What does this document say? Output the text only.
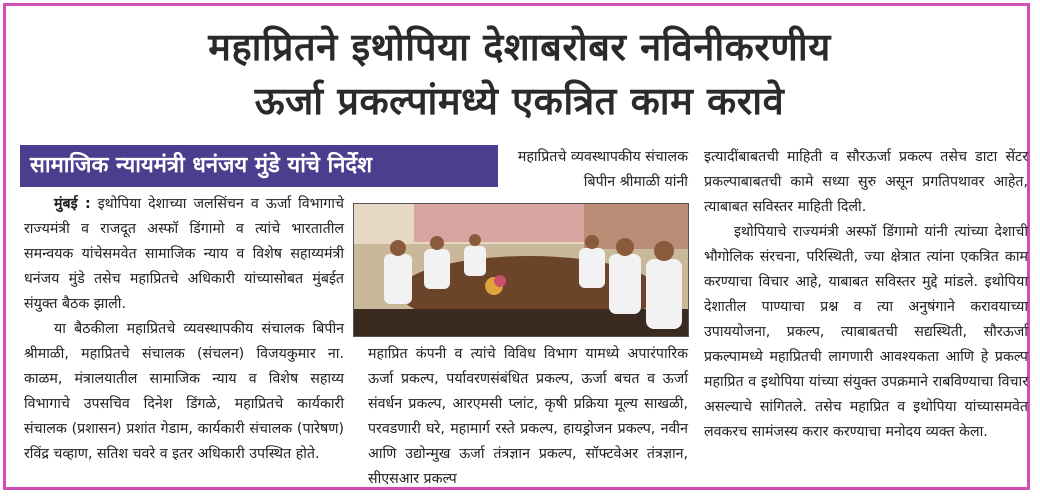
महाप्रितने इथोपिया देशाबरोबर नविनीकरणीय
ऊर्जा प्रकल्पांमध्ये एकत्रित काम करावे
सामाजिक न्यायमंत्री धनंजय मुंडे यांचे निर्देश

मुंबई : इथोपिया देशाच्या जलसिंचन व ऊर्जा विभागाचे राज्यमंत्री व राजदूत अस्फॉ डिंगामो व त्यांचे भारतातील समन्वयक यांचेसमवेत सामाजिक न्याय व विशेष सहाय्यमंत्री धनंजय मुंडे तसेच महाप्रितचे अधिकारी यांच्यासोबत मुंबईत संयुक्त बैठक झाली.

या बैठकीला महाप्रितचे व्यवस्थापकीय संचालक बिपीन श्रीमाळी, महाप्रितचे संचालक (संचलन) विजयकुमार ना. काळम, मंत्रालयातील सामाजिक न्याय व विशेष सहाय्य विभागाचे उपसचिव दिनेश डिंगळे, महाप्रितचे कार्यकारी संचालक (प्रशासन) प्रशांत गेडाम, कार्यकारी संचालक (पारेषण) रविंद्र चव्हाण, सतिश चवरे व इतर अधिकारी उपस्थित होते.

महाप्रितचे व्यवस्थापकीय संचालक बिपीन श्रीमाळी यांनी

महाप्रित कंपनी व त्यांचे विविध विभाग यामध्ये अपारंपारिक ऊर्जा प्रकल्प, पर्यावरणसंबंधित प्रकल्प, ऊर्जा बचत व ऊर्जा संवर्धन प्रकल्प, आरएमसी प्लांट, कृषी प्रक्रिया मूल्य साखळी, परवडणारी घरे, महामार्ग रस्ते प्रकल्प, हायड्रोजन प्रकल्प, नवीन आणि उद्योन्मुख ऊर्जा तंत्रज्ञान प्रकल्प, सॉफ्टवेअर तंत्रज्ञान, सीएसआर प्रकल्प

इत्यादींबाबतची माहिती व सौरऊर्जा प्रकल्प तसेच डाटा सेंटर प्रकल्पाबाबतची कामे सध्या सुरु असून प्रगतिपथावर आहेत, त्याबाबत सविस्तर माहिती दिली.

इथोपियाचे राज्यमंत्री अस्फॉ डिंगामो यांनी त्यांच्या देशाची भौगोलिक संरचना, परिस्थिती, ज्या क्षेत्रात त्यांना एकत्रित काम करण्याचा विचार आहे, याबाबत सविस्तर मुद्दे मांडले. इथोपिया देशातील पाण्याचा प्रश्न व त्या अनुषंगाने करावयाच्या उपाययोजना, प्रकल्प, त्याबाबतची सद्यस्थिती, सौरऊर्जा प्रकल्पामध्ये महाप्रितची लागणारी आवश्यकता आणि हे प्रकल्प महाप्रित व इथोपिया यांच्या संयुक्त उपक्रमाने राबविण्याचा विचार असल्याचे सांगितले. तसेच महाप्रित व इथोपिया यांच्यासमवेत लवकरच सामंजस्य करार करण्याचा मनोदय व्यक्त केला.
